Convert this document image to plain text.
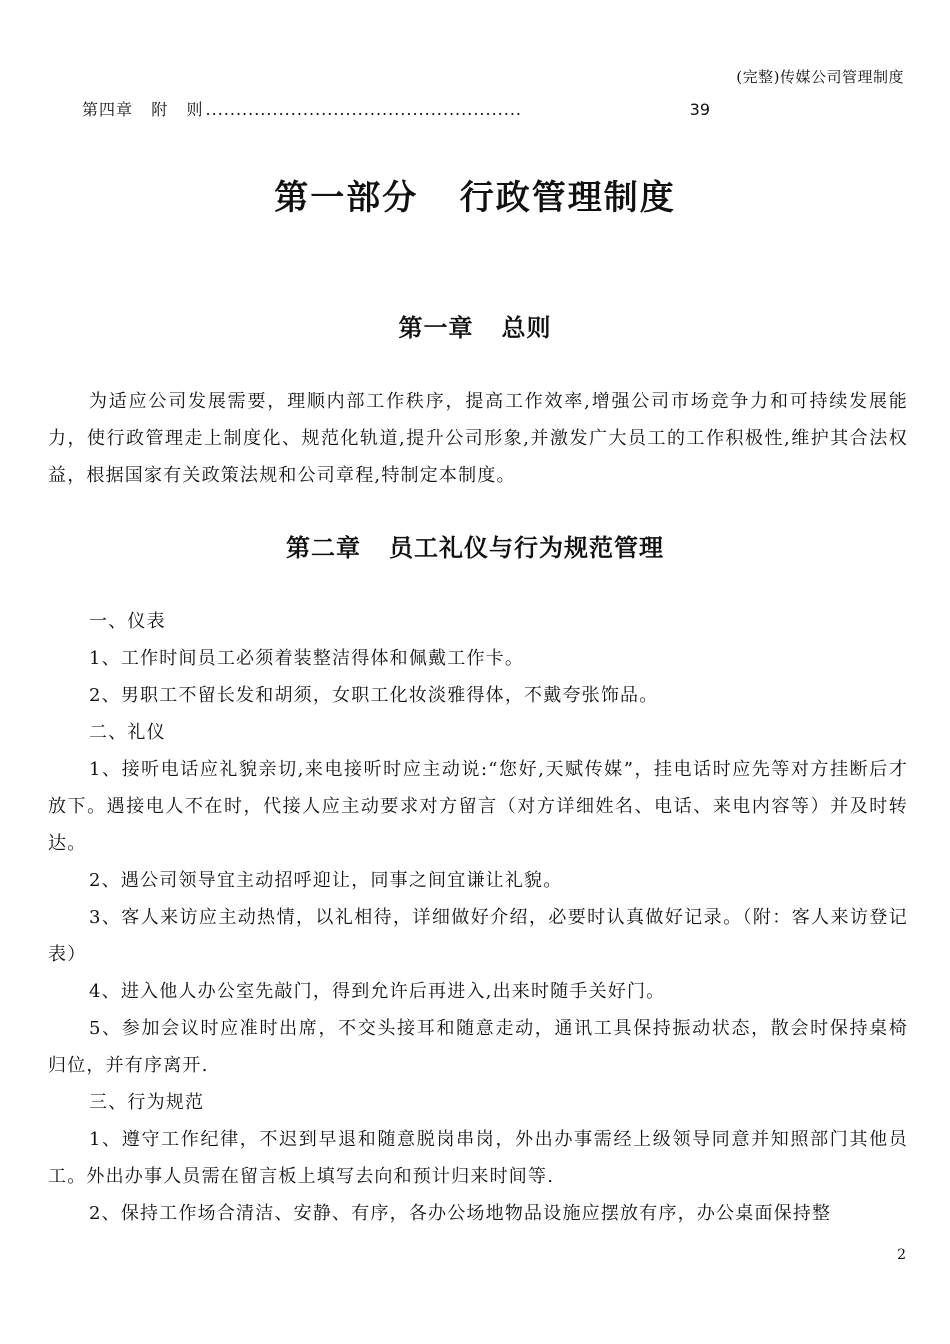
(完整)传媒公司管理制度
第四章   附   则 ....................................................	39
第一部分   行政管理制度
第一章   总则

为适应公司发展需要，理顺内部工作秩序，提高工作效率,增强公司市场竞争力和可持续发展能力，使行政管理走上制度化、规范化轨道,提升公司形象,并激发广大员工的工作积极性,维护其合法权益，根据国家有关政策法规和公司章程,特制定本制度。

第二章   员工礼仪与行为规范管理

一、仪表

1、工作时间员工必须着装整洁得体和佩戴工作卡。

2、男职工不留长发和胡须，女职工化妆淡雅得体，不戴夸张饰品。

二、礼仪

1、接听电话应礼貌亲切,来电接听时应主动说:“您好,天赋传媒”，挂电话时应先等对方挂断后才放下。遇接电人不在时，代接人应主动要求对方留言（对方详细姓名、电话、来电内容等）并及时转达。

2、遇公司领导宜主动招呼迎让，同事之间宜谦让礼貌。

3、客人来访应主动热情，以礼相待，详细做好介绍，必要时认真做好记录。（附：客人来访登记表）

4、进入他人办公室先敲门，得到允许后再进入,出来时随手关好门。

5、参加会议时应准时出席，不交头接耳和随意走动，通讯工具保持振动状态，散会时保持桌椅归位，并有序离开.

三、行为规范

1、遵守工作纪律，不迟到早退和随意脱岗串岗，外出办事需经上级领导同意并知照部门其他员工。外出办事人员需在留言板上填写去向和预计归来时间等.

2、保持工作场合清洁、安静、有序，各办公场地物品设施应摆放有序，办公桌面保持整

2
